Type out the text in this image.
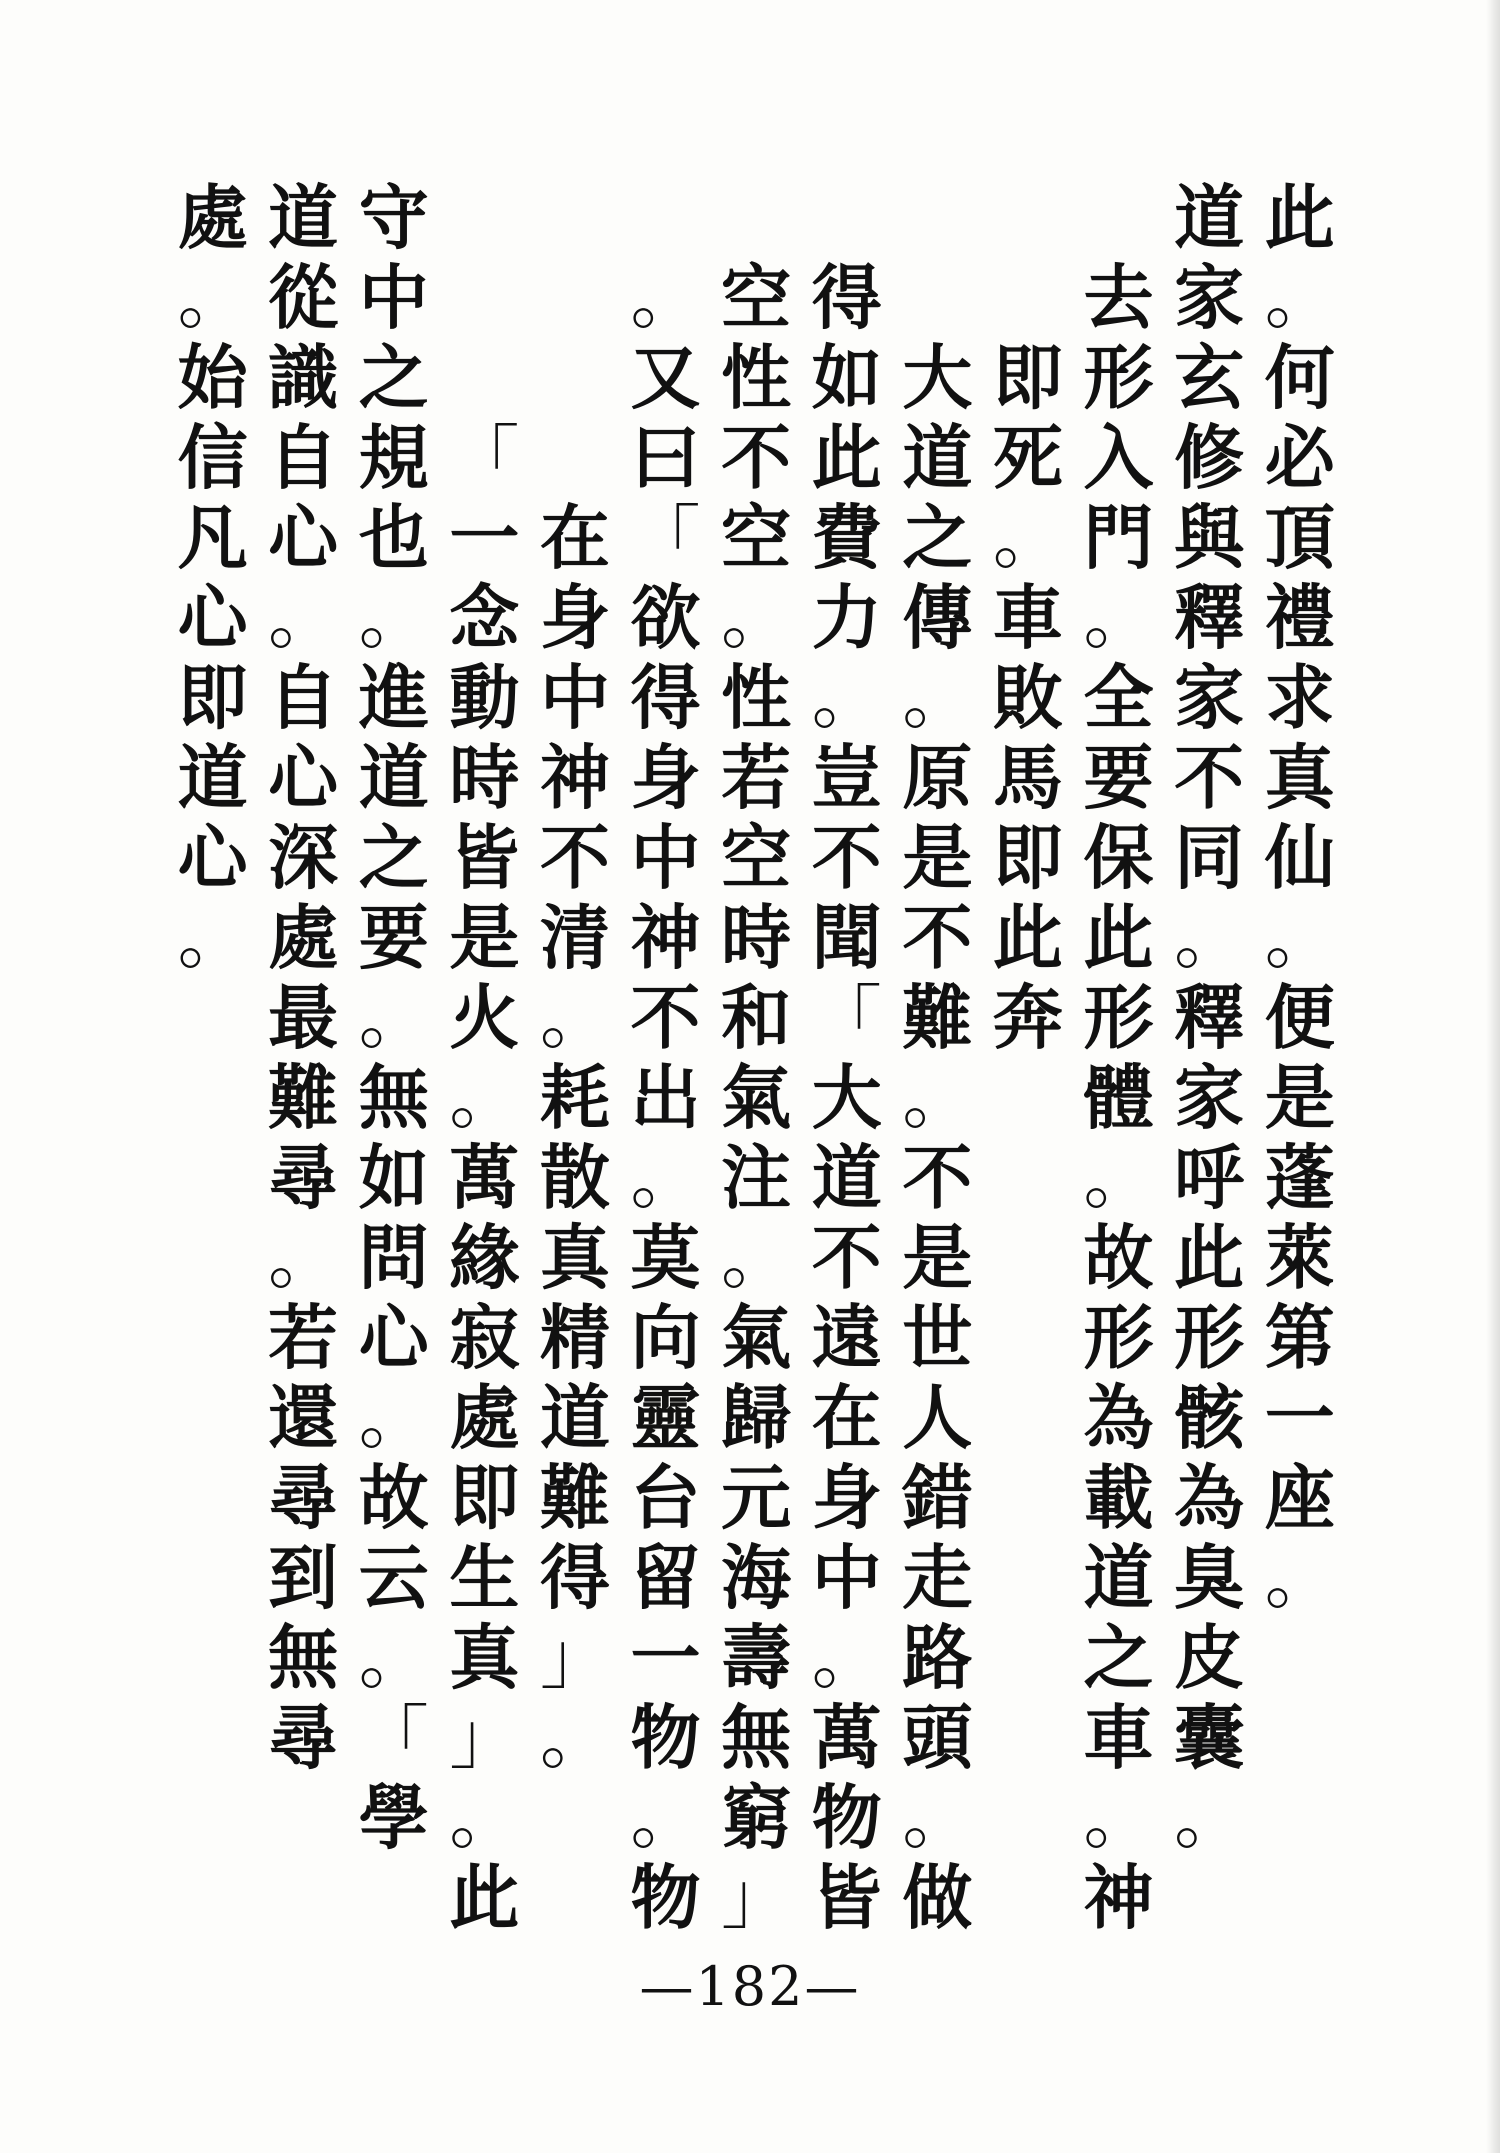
此
。
何
必
頂
禮
求
真
仙
。
便
是
蓬
萊
第
一
座
。
道
家
玄
修
與
釋
家
不
同
。
釋
家
呼
此
形
骸
為
臭
皮
囊
。
去
形
入
門
。
全
要
保
此
形
體
。
故
形
為
載
道
之
車
。
神
即
死
。
車
敗
馬
即
此
奔
大
道
之
傳
。
原
是
不
難
。
不
是
世
人
錯
走
路
頭
。
做
得
如
此
費
力
。
豈
不
聞
「
大
道
不
遠
在
身
中
。
萬
物
皆
空
性
不
空
。
性
若
空
時
和
氣
注
。
氣
歸
元
海
壽
無
窮
」
。
又
曰
「
欲
得
身
中
神
不
出
。
莫
向
靈
台
留
一
物
。
物
在
身
中
神
不
清
。
耗
散
真
精
道
難
得
」
。
「
一
念
動
時
皆
是
火
。
萬
緣
寂
處
即
生
真
」
。
此
守
中
之
規
也
。
進
道
之
要
。
無
如
問
心
。
故
云
。
「
學
道
從
識
自
心
。
自
心
深
處
最
難
尋
。
若
還
尋
到
無
尋
處
。
始
信
凡
心
即
道
心
。
—182—
